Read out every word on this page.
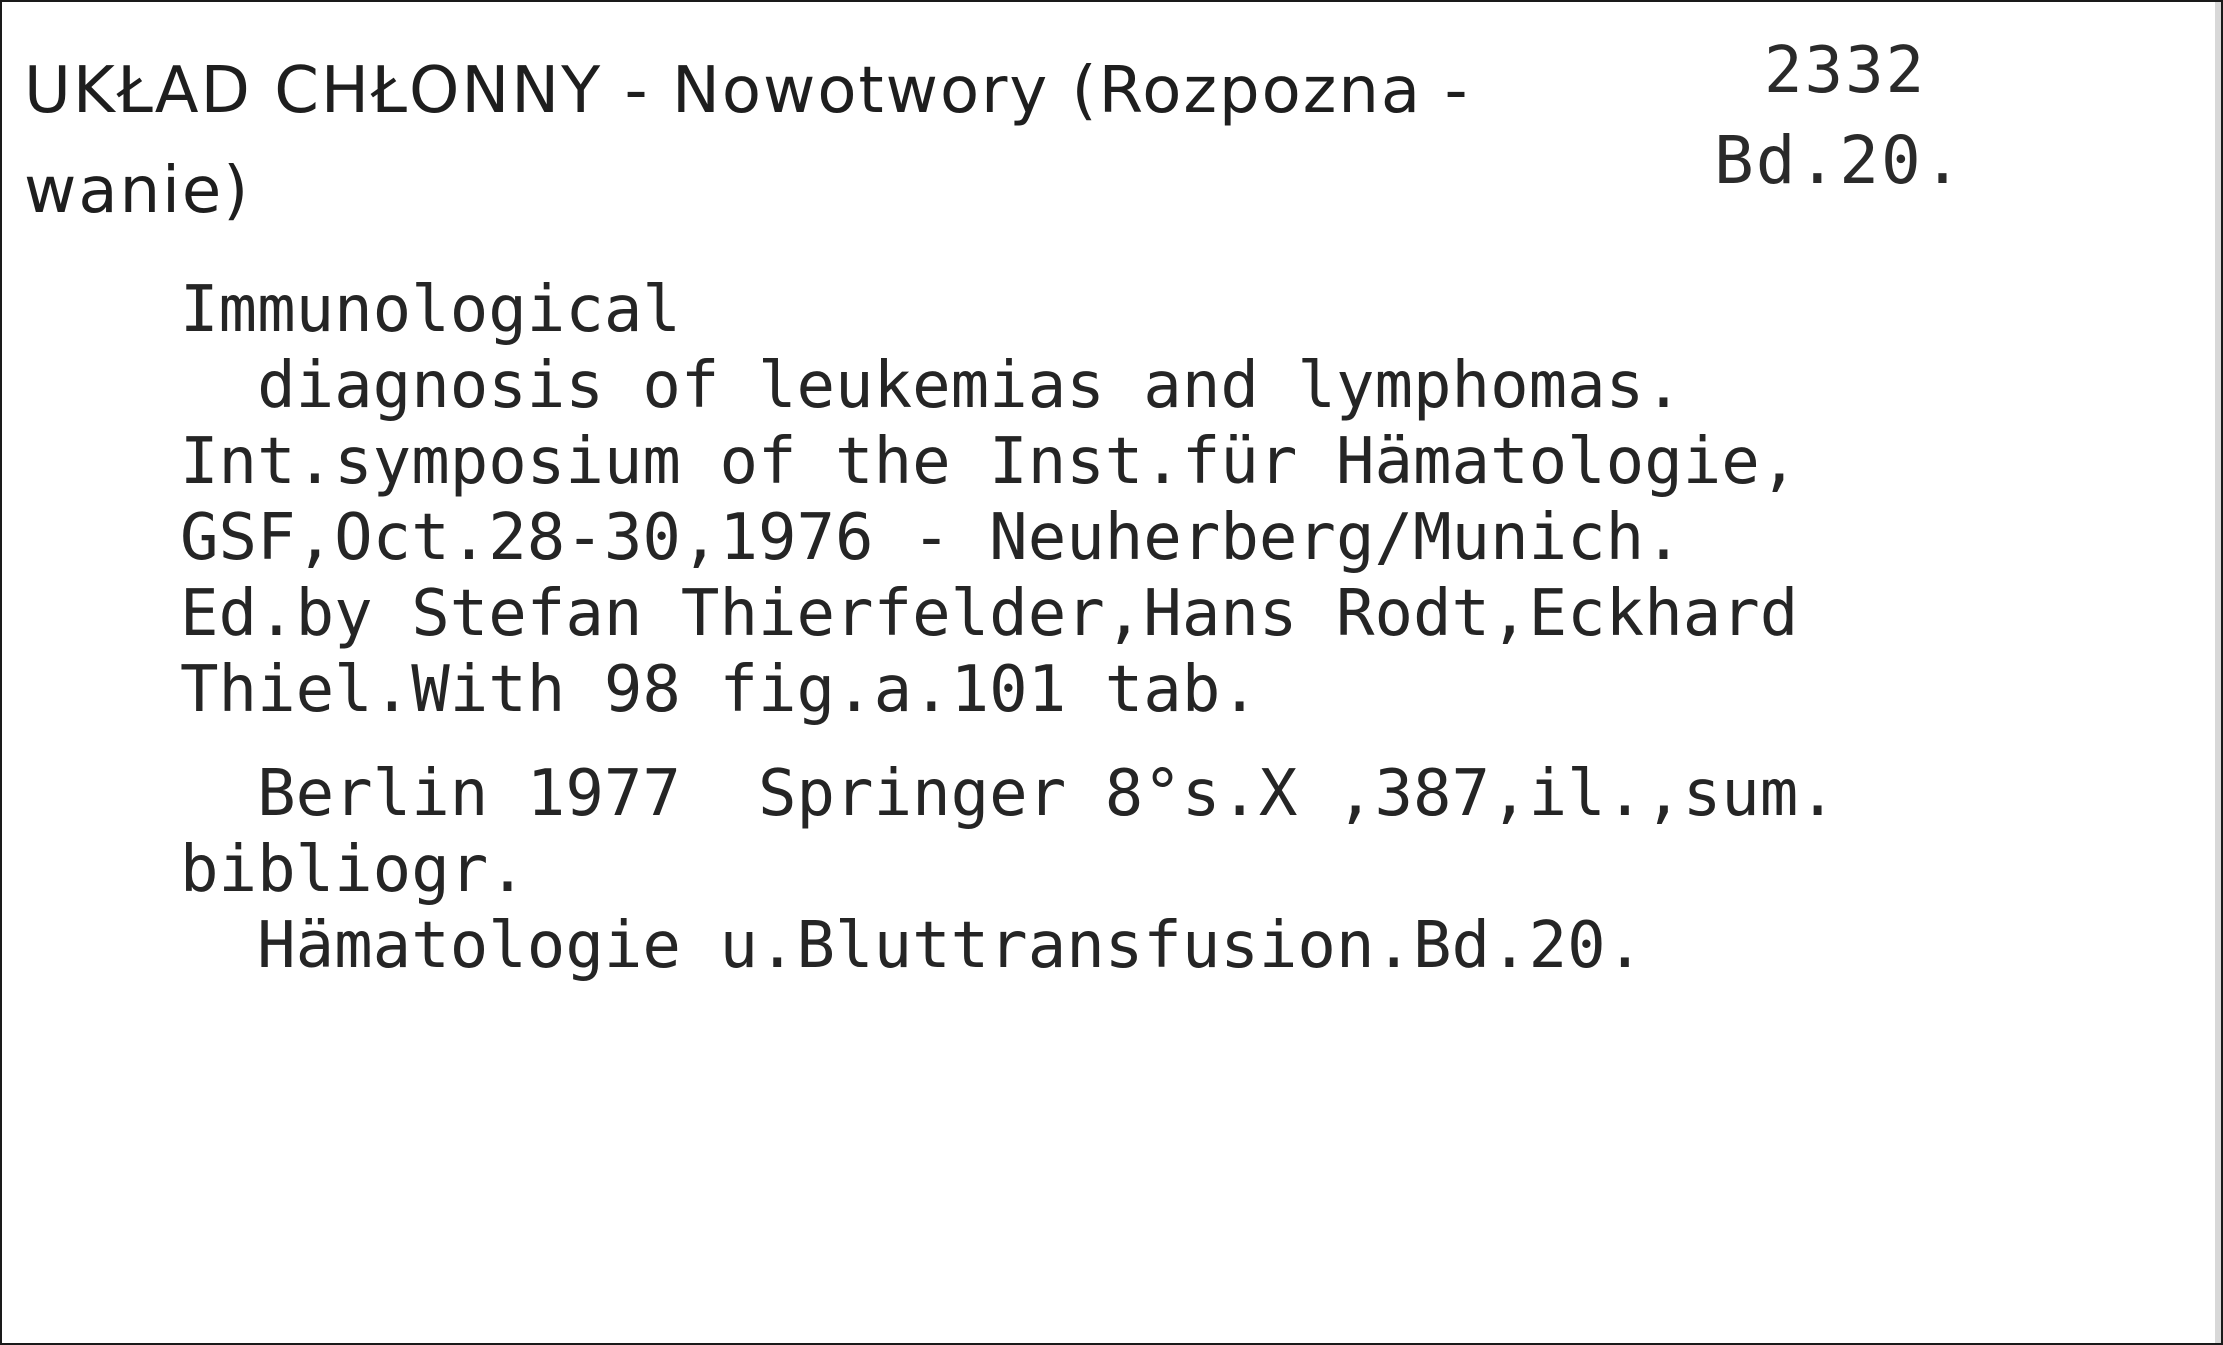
UKŁAD CHŁONNY - Nowotwory (Rozpozna -
wanie)
2332
Bd.20.
Immunological
diagnosis of leukemias and lymphomas.
Int.symposium of the Inst.für Hämatologie,
GSF,Oct.28-30,1976 - Neuherberg/Munich.
Ed.by Stefan Thierfelder,Hans Rodt,Eckhard
Thiel.With 98 fig.a.101 tab.
Berlin 1977  Springer 8°s.X ,387,il.,sum.
bibliogr.
Hämatologie u.Bluttransfusion.Bd.20.
